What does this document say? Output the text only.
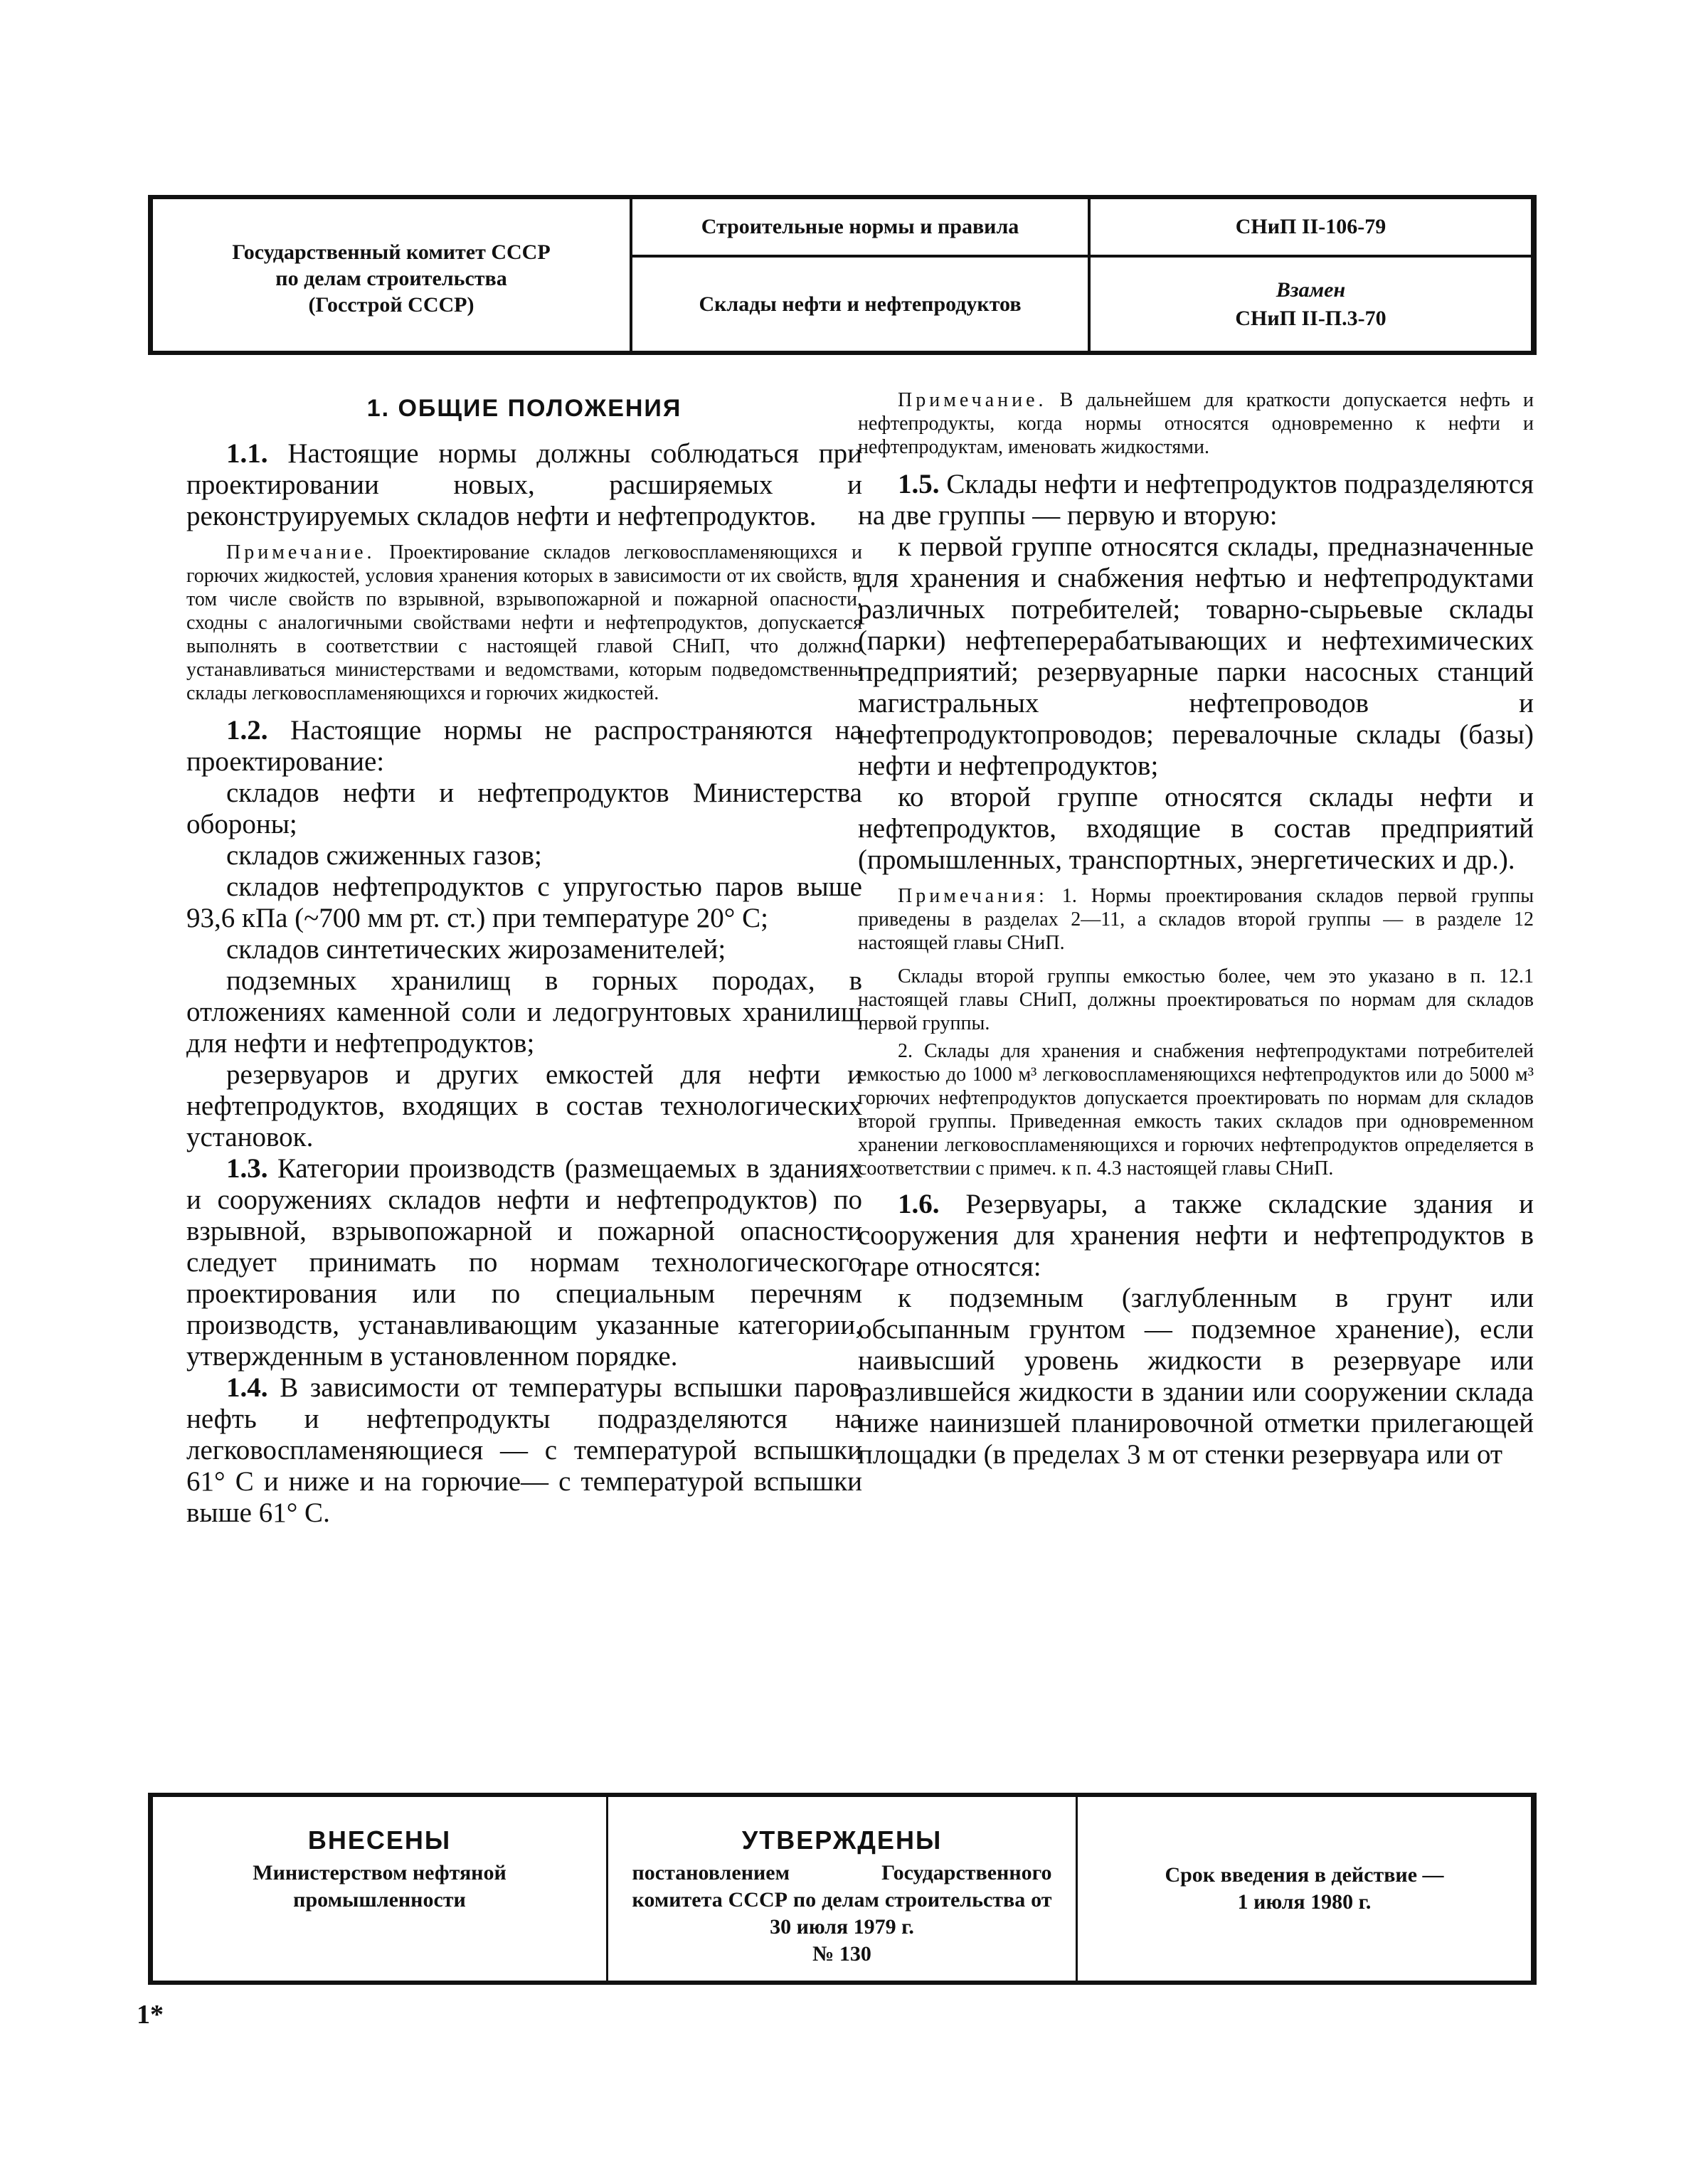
Государственный комитет СССР
по делам строительства
(Госстрой СССР)
Строительные нормы и правила
Склады нефти и нефтепродуктов
СНиП II-106-79
Взамен
СНиП II-П.3-70
1. ОБЩИЕ ПОЛОЖЕНИЯ

1.1. Настоящие нормы должны соблюдаться при проектировании новых, расширяемых и реконструируемых складов нефти и нефтепродуктов.

Примечание. Проектирование складов легковоспламеняющихся и горючих жидкостей, условия хранения которых в зависимости от их свойств, в том числе свойств по взрывной, взрывопожарной и пожарной опасности, сходны с аналогичными свойствами нефти и нефтепродуктов, допускается выполнять в соответствии с настоящей главой СНиП, что должно устанавливаться министерствами и ведомствами, которым подведомственны склады легковоспламеняющихся и горючих жидкостей.

1.2. Настоящие нормы не распространяются на проектирование:

складов нефти и нефтепродуктов Министерства обороны;

складов сжиженных газов;

складов нефтепродуктов с упругостью паров выше 93,6 кПа (~700 мм рт. ст.) при температуре 20° С;

складов синтетических жирозаменителей;

подземных хранилищ в горных породах, в отложениях каменной соли и ледогрунтовых хранилищ для нефти и нефтепродуктов;

резервуаров и других емкостей для нефти и нефтепродуктов, входящих в состав технологических установок.

1.3. Категории производств (размещаемых в зданиях и сооружениях складов нефти и нефтепродуктов) по взрывной, взрывопожарной и пожарной опасности следует принимать по нормам технологического проектирования или по специальным перечням производств, устанавливающим указанные категории, утвержденным в установленном порядке.

1.4. В зависимости от температуры вспышки паров нефть и нефтепродукты подразделяются на легковоспламеняющиеся — с температурой вспышки 61° С и ниже и на горючие— с температурой вспышки выше 61° С.

Примечание. В дальнейшем для краткости допускается нефть и нефтепродукты, когда нормы относятся одновременно к нефти и нефтепродуктам, именовать жидкостями.

1.5. Склады нефти и нефтепродуктов подразделяются на две группы — первую и вторую:

к первой группе относятся склады, предназначенные для хранения и снабжения нефтью и нефтепродуктами различных потребителей; товарно-сырьевые склады (парки) нефтеперерабатывающих и нефтехимических предприятий; резервуарные парки насосных станций магистральных нефтепроводов и нефтепродуктопроводов; перевалочные склады (базы) нефти и нефтепродуктов;

ко второй группе относятся склады нефти и нефтепродуктов, входящие в состав предприятий (промышленных, транспортных, энергетических и др.).

Примечания: 1. Нормы проектирования складов первой группы приведены в разделах 2—11, а складов второй группы — в разделе 12 настоящей главы СНиП.

Склады второй группы емкостью более, чем это указано в п. 12.1 настоящей главы СНиП, должны проектироваться по нормам для складов первой группы.

2. Склады для хранения и снабжения нефтепродуктами потребителей емкостью до 1000 м³ легковоспламеняющихся нефтепродуктов или до 5000 м³ горючих нефтепродуктов допускается проектировать по нормам для складов второй группы. Приведенная емкость таких складов при одновременном хранении легковоспламеняющихся и горючих нефтепродуктов определяется в соответствии с примеч. к п. 4.3 настоящей главы СНиП.

1.6. Резервуары, а также складские здания и сооружения для хранения нефти и нефтепродуктов в таре относятся:

к подземным (заглубленным в грунт или обсыпанным грунтом — подземное хранение), если наивысший уровень жидкости в резервуаре или разлившейся жидкости в здании или сооружении склада ниже наинизшей планировочной отметки прилегающей площадки (в пределах 3 м от стенки резервуара или от

ВНЕСЕНЫ
Министерством нефтяной
промышленности
УТВЕРЖДЕНЫ
постановлением Государственного комитета СССР по делам строительства от 30 июля 1979 г.
№ 130
Срок введения в действие —
1 июля 1980 г.
1*
